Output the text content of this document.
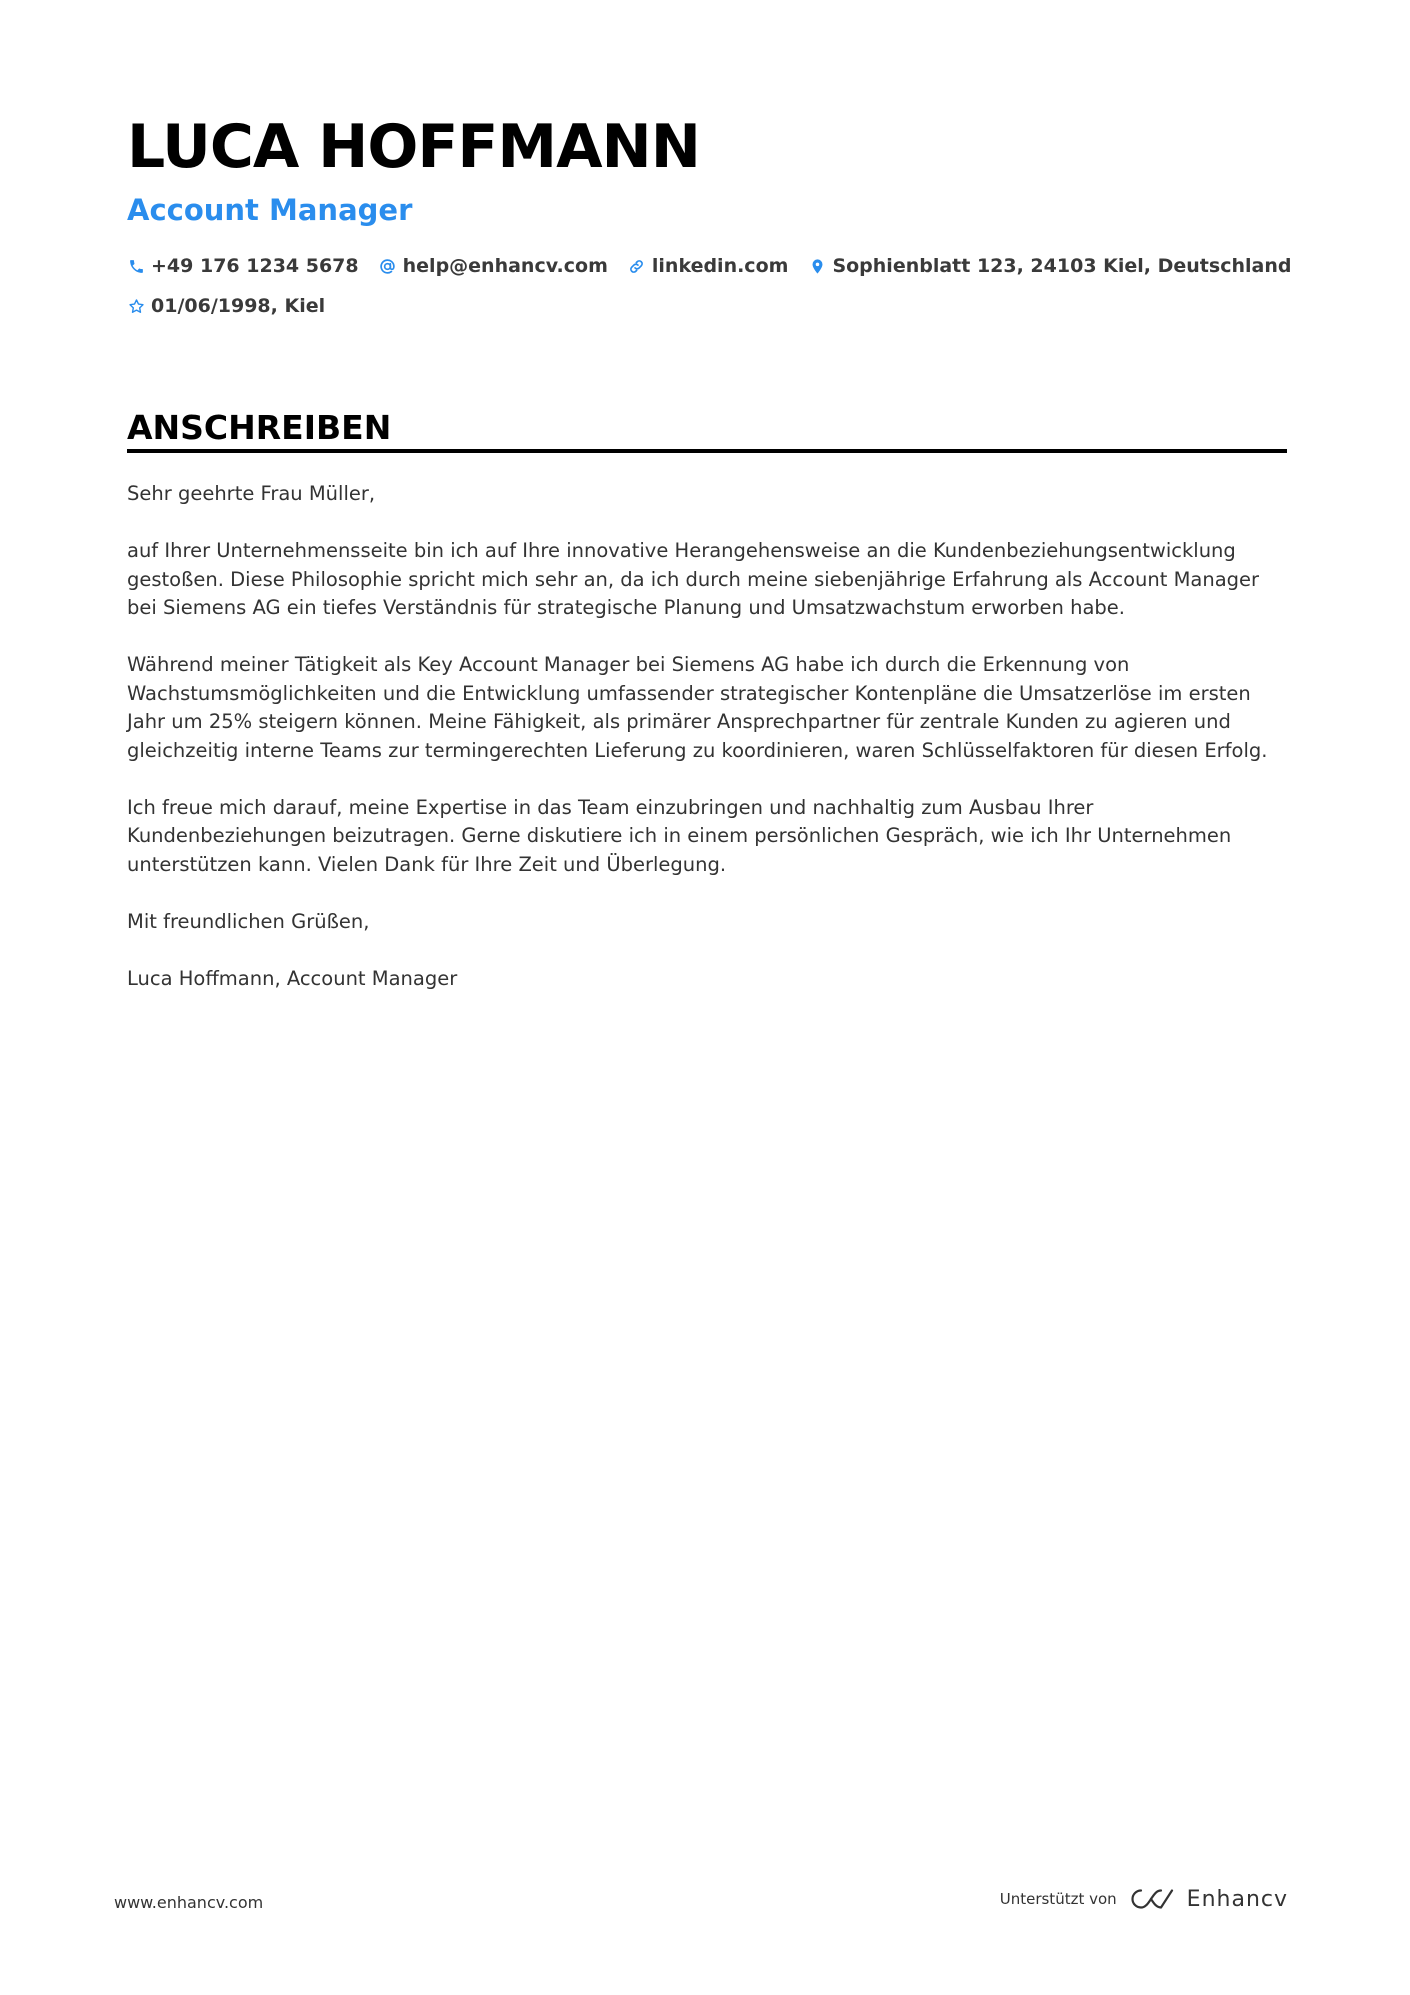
LUCA HOFFMANN
Account Manager
+49 176 1234 5678 help@enhancv.com linkedin.com Sophienblatt 123, 24103 Kiel, Deutschland
01/06/1998, Kiel
ANSCHREIBEN

Sehr geehrte Frau Müller,

auf Ihrer Unternehmensseite bin ich auf Ihre innovative Herangehensweise an die Kundenbeziehungsentwicklung gestoßen. Diese Philosophie spricht mich sehr an, da ich durch meine siebenjährige Erfahrung als Account Manager bei Siemens AG ein tiefes Verständnis für strategische Planung und Umsatzwachstum erworben habe.

Während meiner Tätigkeit als Key Account Manager bei Siemens AG habe ich durch die Erkennung von Wachstumsmöglichkeiten und die Entwicklung umfassender strategischer Kontenpläne die Umsatzerlöse im ersten Jahr um 25% steigern können. Meine Fähigkeit, als primärer Ansprechpartner für zentrale Kunden zu agieren und gleichzeitig interne Teams zur termingerechten Lieferung zu koordinieren, waren Schlüsselfaktoren für diesen Erfolg.

Ich freue mich darauf, meine Expertise in das Team einzubringen und nachhaltig zum Ausbau Ihrer Kundenbeziehungen beizutragen. Gerne diskutiere ich in einem persönlichen Gespräch, wie ich Ihr Unternehmen unterstützen kann. Vielen Dank für Ihre Zeit und Überlegung.

Mit freundlichen Grüßen,

Luca Hoffmann, Account Manager

www.enhancv.com	Unterstützt von	Enhancv
